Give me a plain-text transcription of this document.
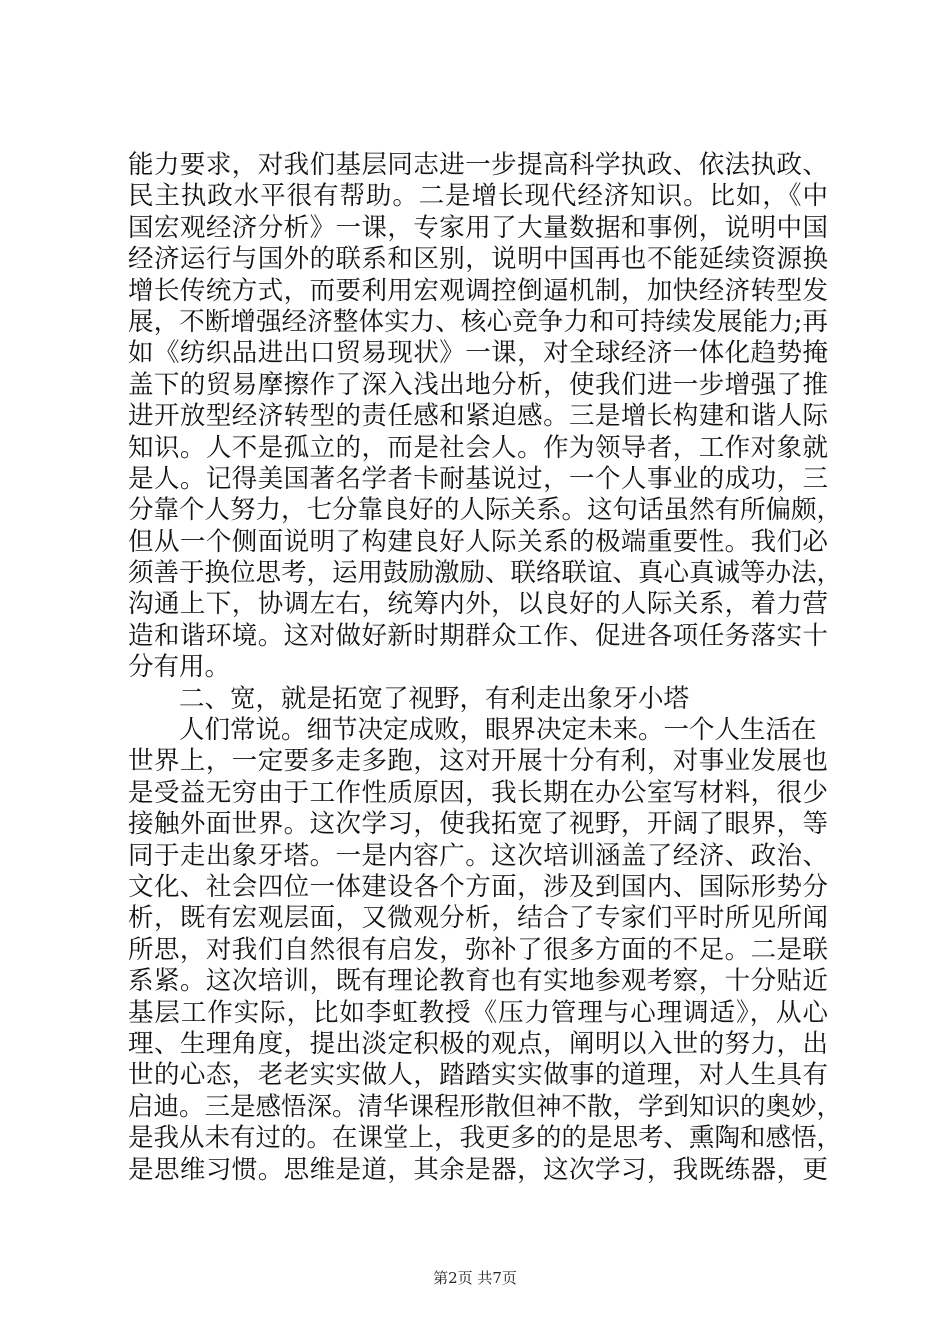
能力要求，对我们基层同志进一步提高科学执政、依法执政、
民主执政水平很有帮助。二是增长现代经济知识。比如，《中
国宏观经济分析》一课，专家用了大量数据和事例，说明中国
经济运行与国外的联系和区别，说明中国再也不能延续资源换
增长传统方式，而要利用宏观调控倒逼机制，加快经济转型发
展，不断增强经济整体实力、核心竞争力和可持续发展能力;再
如《纺织品进出口贸易现状》一课，对全球经济一体化趋势掩
盖下的贸易摩擦作了深入浅出地分析，使我们进一步增强了推
进开放型经济转型的责任感和紧迫感。三是增长构建和谐人际
知识。人不是孤立的，而是社会人。作为领导者，工作对象就
是人。记得美国著名学者卡耐基说过，一个人事业的成功，三
分靠个人努力，七分靠良好的人际关系。这句话虽然有所偏颇，
但从一个侧面说明了构建良好人际关系的极端重要性。我们必
须善于换位思考，运用鼓励激励、联络联谊、真心真诚等办法，
沟通上下，协调左右，统筹内外，以良好的人际关系，着力营
造和谐环境。这对做好新时期群众工作、促进各项任务落实十
分有用。
二、宽，就是拓宽了视野，有利走出象牙小塔
人们常说。细节决定成败，眼界决定未来。一个人生活在
世界上，一定要多走多跑，这对开展十分有利，对事业发展也
是受益无穷由于工作性质原因，我长期在办公室写材料，很少
接触外面世界。这次学习，使我拓宽了视野，开阔了眼界，等
同于走出象牙塔。一是内容广。这次培训涵盖了经济、政治、
文化、社会四位一体建设各个方面，涉及到国内、国际形势分
析，既有宏观层面，又微观分析，结合了专家们平时所见所闻
所思，对我们自然很有启发，弥补了很多方面的不足。二是联
系紧。这次培训，既有理论教育也有实地参观考察，十分贴近
基层工作实际，比如李虹教授《压力管理与心理调适》，从心
理、生理角度，提出淡定积极的观点，阐明以入世的努力，出
世的心态，老老实实做人，踏踏实实做事的道理，对人生具有
启迪。三是感悟深。清华课程形散但神不散，学到知识的奥妙，
是我从未有过的。在课堂上，我更多的的是思考、熏陶和感悟，
是思维习惯。思维是道，其余是器，这次学习，我既练器，更
第2页 共7页
